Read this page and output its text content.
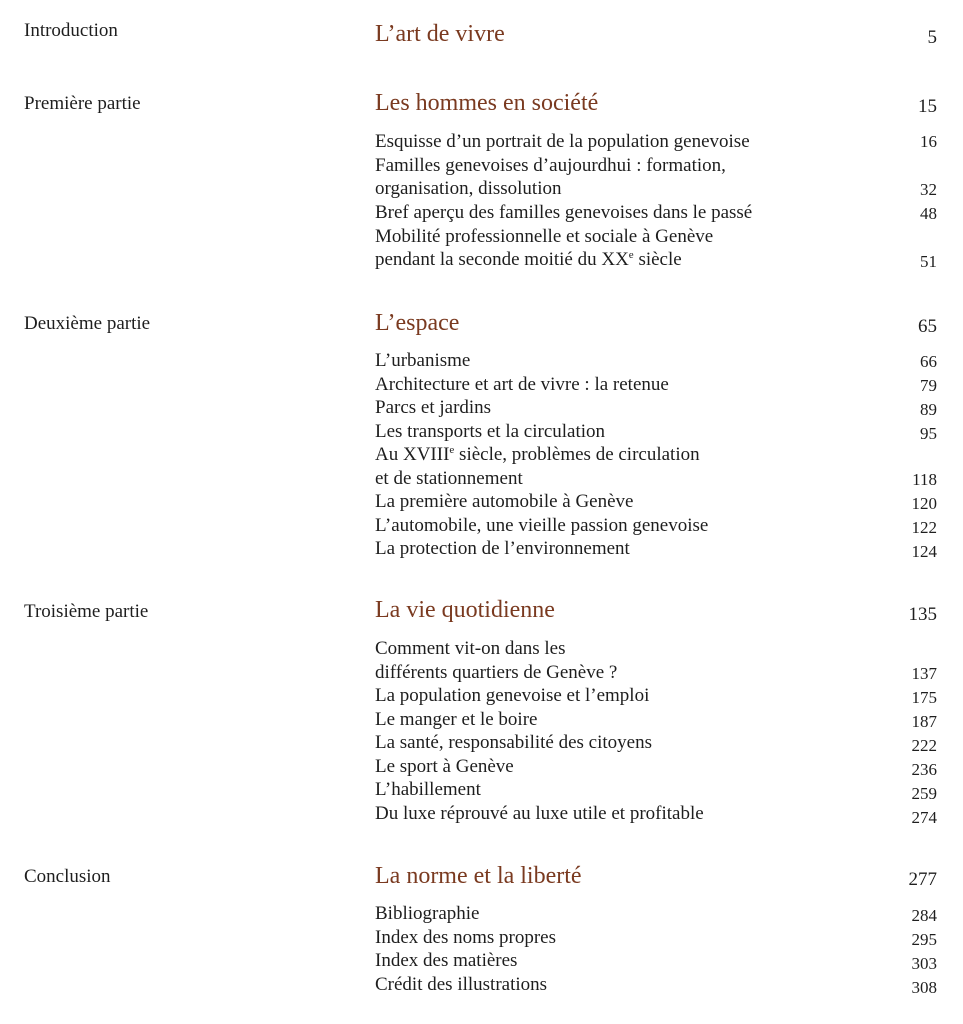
Introduction	L’art de vivre	5
Première partie	Les hommes en société	15
Esquisse d’un portrait de la population genevoise	16
Familles genevoises d’aujourdhui : formation,
organisation, dissolution	32
Bref aperçu des familles genevoises dans le passé	48
Mobilité professionnelle et sociale à Genève
pendant la seconde moitié du XXe siècle	51
Deuxième partie	L’espace	65
L’urbanisme	66
Architecture et art de vivre : la retenue	79
Parcs et jardins	89
Les transports et la circulation	95
Au XVIIIe siècle, problèmes de circulation
et de stationnement	118
La première automobile à Genève	120
L’automobile, une vieille passion genevoise	122
La protection de l’environnement	124
Troisième partie	La vie quotidienne	135
Comment vit-on dans les
différents quartiers de Genève ?	137
La population genevoise et l’emploi	175
Le manger et le boire	187
La santé, responsabilité des citoyens	222
Le sport à Genève	236
L’habillement	259
Du luxe réprouvé au luxe utile et profitable	274
Conclusion	La norme et la liberté	277
Bibliographie	284
Index des noms propres	295
Index des matières	303
Crédit des illustrations	308
